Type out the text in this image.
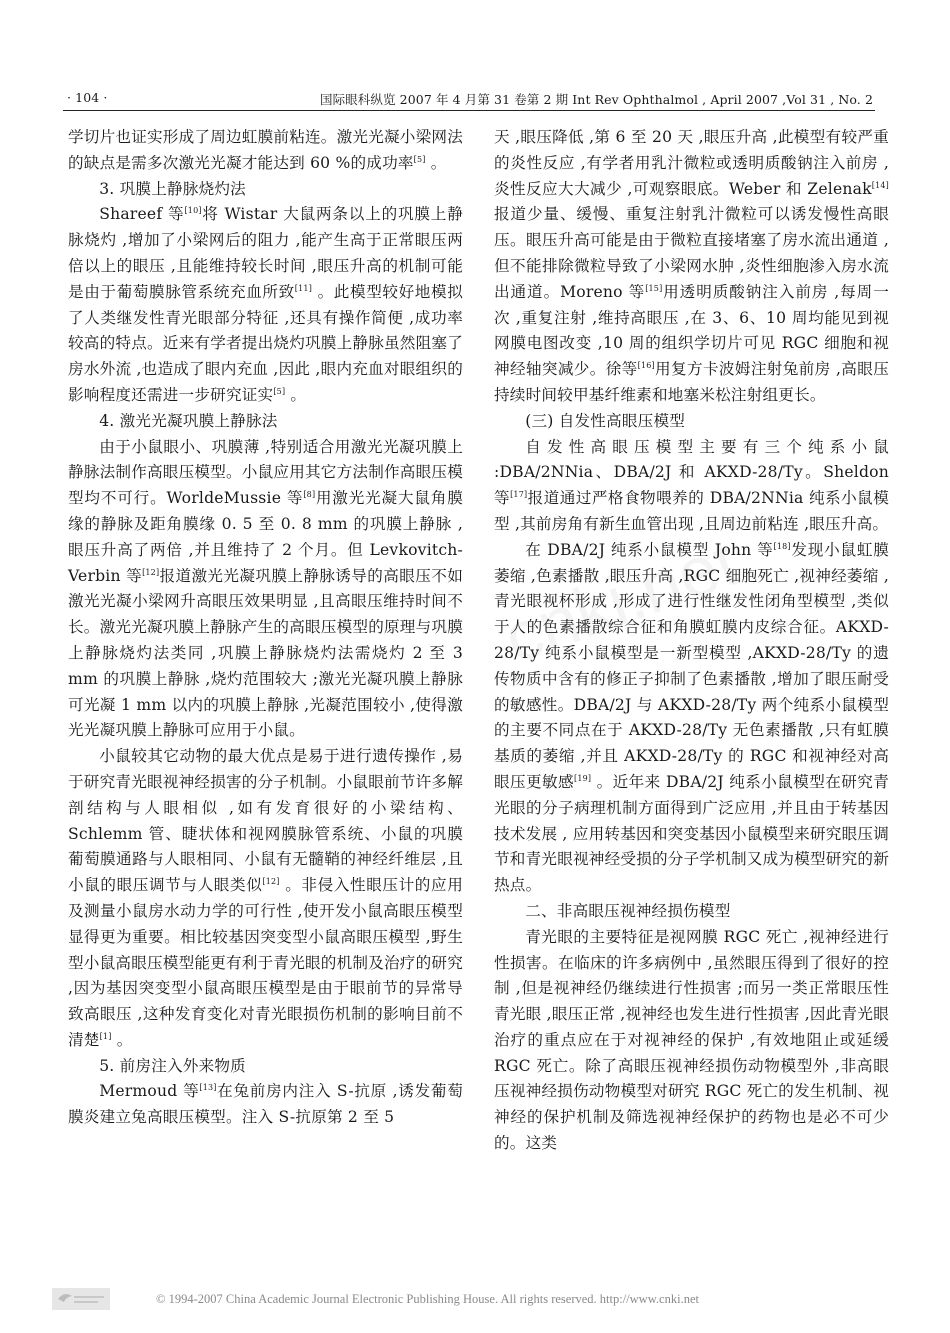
· 104 ·	国际眼科纵览 2007 年 4 月第 31 卷第 2 期 Int Rev Ophthalmol , April 2007 ,Vol 31 , No. 2

学切片也证实形成了周边虹膜前粘连。激光光凝小梁网法的缺点是需多次激光光凝才能达到 60 %的成功率[5] 。

3. 巩膜上静脉烧灼法

Shareef 等[10]将 Wistar 大鼠两条以上的巩膜上静脉烧灼 ,增加了小梁网后的阻力 ,能产生高于正常眼压两倍以上的眼压 ,且能维持较长时间 ,眼压升高的机制可能是由于葡萄膜脉管系统充血所致[11] 。此模型较好地模拟了人类继发性青光眼部分特征 ,还具有操作简便 ,成功率较高的特点。近来有学者提出烧灼巩膜上静脉虽然阻塞了房水外流 ,也造成了眼内充血 ,因此 ,眼内充血对眼组织的影响程度还需进一步研究证实[5] 。

4. 激光光凝巩膜上静脉法

由于小鼠眼小、巩膜薄 ,特别适合用激光光凝巩膜上静脉法制作高眼压模型。小鼠应用其它方法制作高眼压模型均不可行。WorldeMussie 等[8]用激光光凝大鼠角膜缘的静脉及距角膜缘 0. 5 至 0. 8 mm 的巩膜上静脉 ,眼压升高了两倍 ,并且维持了 2 个月。但 Levkovitch-Verbin 等[12]报道激光光凝巩膜上静脉诱导的高眼压不如激光光凝小梁网升高眼压效果明显 ,且高眼压维持时间不长。激光光凝巩膜上静脉产生的高眼压模型的原理与巩膜上静脉烧灼法类同 ,巩膜上静脉烧灼法需烧灼 2 至 3 mm 的巩膜上静脉 ,烧灼范围较大 ;激光光凝巩膜上静脉可光凝 1 mm 以内的巩膜上静脉 ,光凝范围较小 ,使得激光光凝巩膜上静脉可应用于小鼠。

小鼠较其它动物的最大优点是易于进行遗传操作 ,易于研究青光眼视神经损害的分子机制。小鼠眼前节许多解剖结构与人眼相似 ,如有发育很好的小梁结构、Schlemm 管、睫状体和视网膜脉管系统、小鼠的巩膜葡萄膜通路与人眼相同、小鼠有无髓鞘的神经纤维层 ,且小鼠的眼压调节与人眼类似[12] 。非侵入性眼压计的应用及测量小鼠房水动力学的可行性 ,使开发小鼠高眼压模型显得更为重要。相比较基因突变型小鼠高眼压模型 ,野生型小鼠高眼压模型能更有利于青光眼的机制及治疗的研究 ,因为基因突变型小鼠高眼压模型是由于眼前节的异常导致高眼压 ,这种发育变化对青光眼损伤机制的影响目前不清楚[1] 。

5. 前房注入外来物质

Mermoud 等[13]在兔前房内注入 S-抗原 ,诱发葡萄膜炎建立兔高眼压模型。注入 S-抗原第 2 至 5

天 ,眼压降低 ,第 6 至 20 天 ,眼压升高 ,此模型有较严重的炎性反应 ,有学者用乳汁微粒或透明质酸钠注入前房 ,炎性反应大大减少 ,可观察眼底。Weber 和 Zelenak[14]报道少量、缓慢、重复注射乳汁微粒可以诱发慢性高眼压。眼压升高可能是由于微粒直接堵塞了房水流出通道 ,但不能排除微粒导致了小梁网水肿 ,炎性细胞渗入房水流出通道。Moreno 等[15]用透明质酸钠注入前房 ,每周一次 ,重复注射 ,维持高眼压 ,在 3、6、10 周均能见到视网膜电图改变 ,10 周的组织学切片可见 RGC 细胞和视神经轴突减少。徐等[16]用复方卡波姆注射兔前房 ,高眼压持续时间较甲基纤维素和地塞米松注射组更长。

(三) 自发性高眼压模型

自发性高眼压模型主要有三个纯系小鼠 :DBA/2NNia、DBA/2J 和 AKXD-28/Ty。Sheldon 等[17]报道通过严格食物喂养的 DBA/2NNia 纯系小鼠模型 ,其前房角有新生血管出现 ,且周边前粘连 ,眼压升高。

在 DBA/2J 纯系小鼠模型 John 等[18]发现小鼠虹膜萎缩 ,色素播散 ,眼压升高 ,RGC 细胞死亡 ,视神经萎缩 ,青光眼视杯形成 ,形成了进行性继发性闭角型模型 ,类似于人的色素播散综合征和角膜虹膜内皮综合征。AKXD-28/Ty 纯系小鼠模型是一新型模型 ,AKXD-28/Ty 的遗传物质中含有的修正子抑制了色素播散 ,增加了眼压耐受的敏感性。DBA/2J 与 AKXD-28/Ty 两个纯系小鼠模型的主要不同点在于 AKXD-28/Ty 无色素播散 ,只有虹膜基质的萎缩 ,并且 AKXD-28/Ty 的 RGC 和视神经对高眼压更敏感[19] 。近年来 DBA/2J 纯系小鼠模型在研究青光眼的分子病理机制方面得到广泛应用 ,并且由于转基因技术发展 , 应用转基因和突变基因小鼠模型来研究眼压调节和青光眼视神经受损的分子学机制又成为模型研究的新热点。

二、非高眼压视神经损伤模型

青光眼的主要特征是视网膜 RGC 死亡 ,视神经进行性损害。在临床的许多病例中 ,虽然眼压得到了很好的控制 ,但是视神经仍继续进行性损害 ;而另一类正常眼压性青光眼 ,眼压正常 ,视神经也发生进行性损害 ,因此青光眼治疗的重点应在于对视神经的保护 ,有效地阻止或延缓 RGC 死亡。除了高眼压视神经损伤动物模型外 ,非高眼压视神经损伤动物模型对研究 RGC 死亡的发生机制、视神经的保护机制及筛选视神经保护的药物也是必不可少的。这类

© 1994-2007 China Academic Journal Electronic Publishing House. All rights reserved. http://www.cnki.net
